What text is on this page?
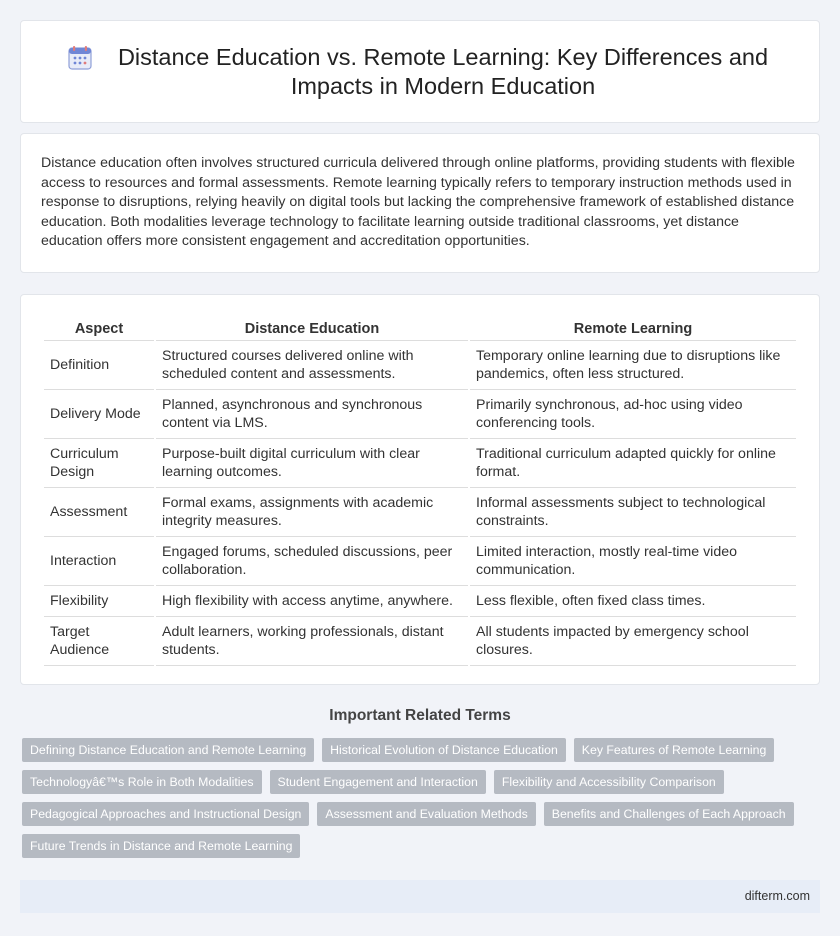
Distance Education vs. Remote Learning: Key Differences and Impacts in Modern Education

Distance education often involves structured curricula delivered through online platforms, providing students with flexible access to resources and formal assessments. Remote learning typically refers to temporary instruction methods used in response to disruptions, relying heavily on digital tools but lacking the comprehensive framework of established distance education. Both modalities leverage technology to facilitate learning outside traditional classrooms, yet distance education offers more consistent engagement and accreditation opportunities.

Aspect	Distance Education	Remote Learning
Definition	Structured courses delivered online with scheduled content and assessments.	Temporary online learning due to disruptions like pandemics, often less structured.
Delivery Mode	Planned, asynchronous and synchronous content via LMS.	Primarily synchronous, ad-hoc using video conferencing tools.
Curriculum Design	Purpose-built digital curriculum with clear learning outcomes.	Traditional curriculum adapted quickly for online format.
Assessment	Formal exams, assignments with academic integrity measures.	Informal assessments subject to technological constraints.
Interaction	Engaged forums, scheduled discussions, peer collaboration.	Limited interaction, mostly real-time video communication.
Flexibility	High flexibility with access anytime, anywhere.	Less flexible, often fixed class times.
Target Audience	Adult learners, working professionals, distant students.	All students impacted by emergency school closures.
Important Related Terms
Defining Distance Education and Remote Learning	Historical Evolution of Distance Education	Key Features of Remote Learning
Technologyâ€™s Role in Both Modalities	Student Engagement and Interaction	Flexibility and Accessibility Comparison
Pedagogical Approaches and Instructional Design	Assessment and Evaluation Methods	Benefits and Challenges of Each Approach
Future Trends in Distance and Remote Learning
difterm.com
